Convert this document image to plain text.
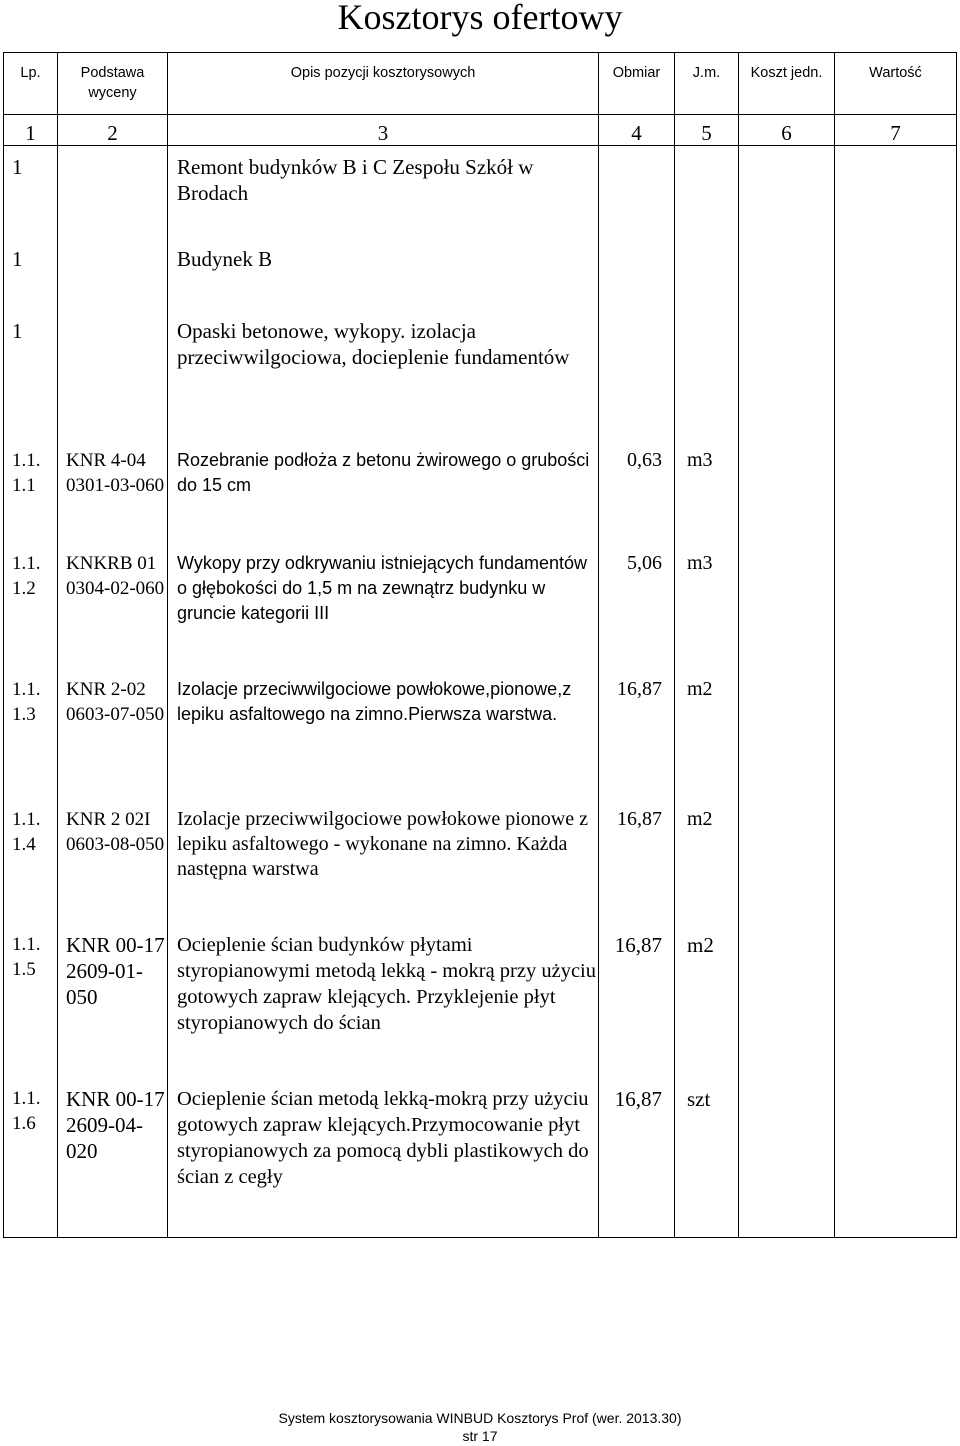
Kosztorys ofertowy
Lp.	Podstawa wyceny	Opis pozycji kosztorysowych	Obmiar	J.m.	Koszt jedn.	Wartość
1	2	3	4	5	6	7
1		Remont budynków B i C Zespołu Szkół w Brodach				
1		Budynek B				
1		Opaski betonowe, wykopy. izolacja przeciwwilgociowa, docieplenie fundamentów				
1.1. 1.1	KNR 4-04 0301-03-060	Rozebranie podłoża z betonu żwirowego o grubości do 15 cm	0,63	m3		
1.1. 1.2	KNKRB 01 0304-02-060	Wykopy przy odkrywaniu istniejących fundamentów o głębokości do 1,5 m na zewnątrz budynku w gruncie kategorii III	5,06	m3		
1.1. 1.3	KNR 2-02 0603-07-050	Izolacje przeciwwilgociowe powłokowe,pionowe,z lepiku asfaltowego na zimno.Pierwsza warstwa.	16,87	m2		
1.1. 1.4	KNR 2 02I 0603-08-050	Izolacje przeciwwilgociowe powłokowe pionowe z lepiku asfaltowego - wykonane na zimno. Każda następna warstwa	16,87	m2		
1.1. 1.5	KNR 00-17 2609-01-050	Ocieplenie ścian budynków płytami styropianowymi metodą lekką - mokrą przy użyciu gotowych zapraw klejących. Przyklejenie płyt styropianowych do ścian	16,87	m2		
1.1. 1.6	KNR 00-17 2609-04-020	Ocieplenie ścian metodą lekką-mokrą przy użyciu gotowych zapraw klejących.Przymocowanie płyt styropianowych za pomocą dybli plastikowych do ścian z cegły	16,87	szt		
System kosztorysowania WINBUD Kosztorys Prof (wer. 2013.30)
str 17
